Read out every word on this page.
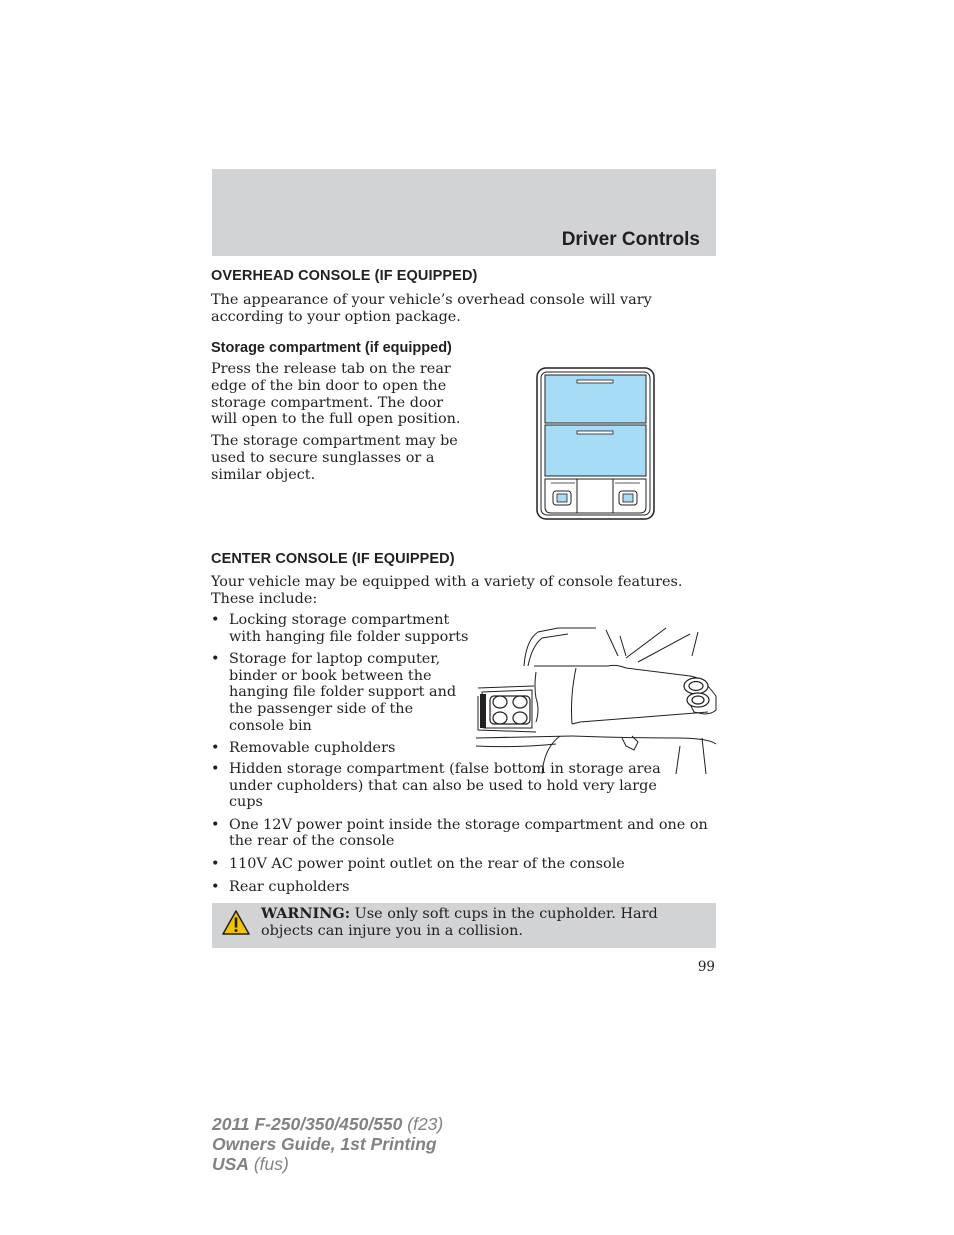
Driver Controls
OVERHEAD CONSOLE (IF EQUIPPED)

The appearance of your vehicle’s overhead console will vary according to your option package.

Storage compartment (if equipped)

Press the release tab on the rear edge of the bin door to open the storage compartment. The door will open to the full open position.

The storage compartment may be used to secure sunglasses or a similar object.

CENTER CONSOLE (IF EQUIPPED)

Your vehicle may be equipped with a variety of console features. These include:

• Locking storage compartment with hanging file folder supports
• Storage for laptop computer, binder or book between the hanging file folder support and the passenger side of the console bin
• Removable cupholders
• Hidden storage compartment (false bottom in storage area under cupholders) that can also be used to hold very large cups
• One 12V power point inside the storage compartment and one on the rear of the console
• 110V AC power point outlet on the rear of the console
• Rear cupholders
WARNING: Use only soft cups in the cupholder. Hard objects can injure you in a collision.
99
2011 F-250/350/450/550 (f23)
Owners Guide, 1st Printing
USA (fus)
